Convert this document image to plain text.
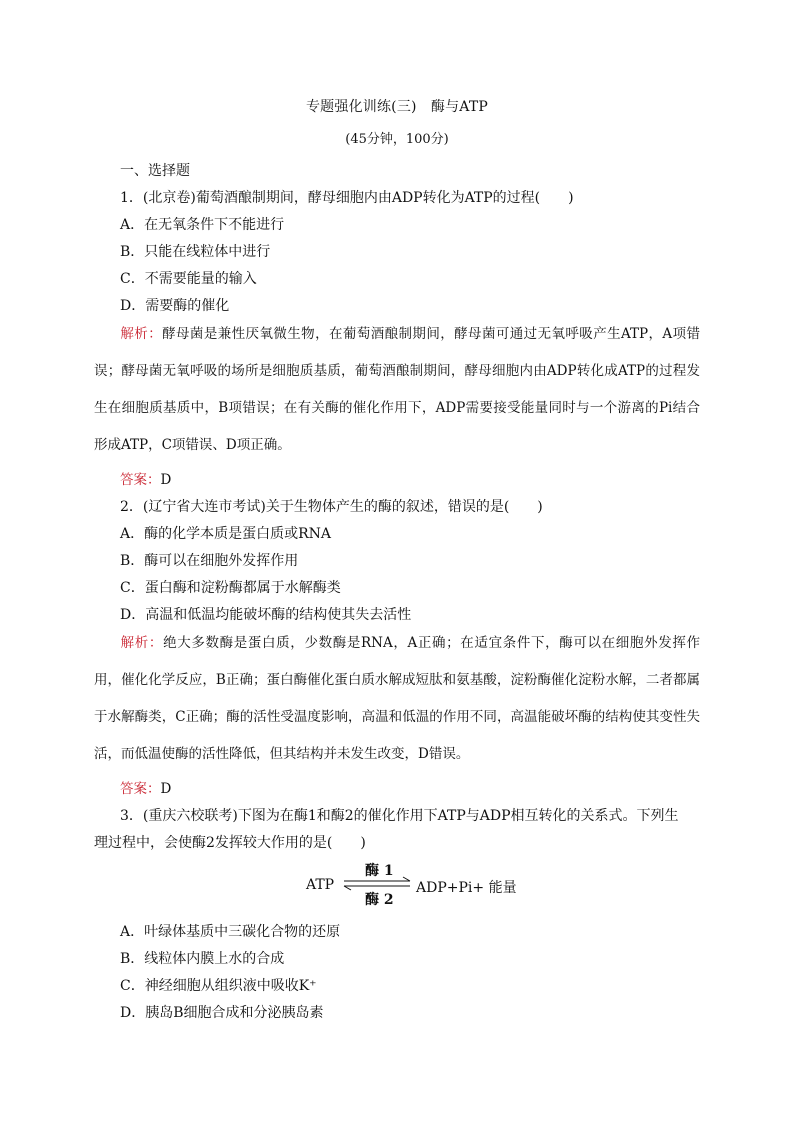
专题强化训练(三)　酶与ATP
(45分钟，100分)
一、选择题
1．(北京卷)葡萄酒酿制期间，酵母细胞内由ADP转化为ATP的过程(　　)
A．在无氧条件下不能进行
B．只能在线粒体中进行
C．不需要能量的输入
D．需要酶的催化
解析：酵母菌是兼性厌氧微生物，在葡萄酒酿制期间，酵母菌可通过无氧呼吸产生ATP，A项错误；酵母菌无氧呼吸的场所是细胞质基质，葡萄酒酿制期间，酵母细胞内由ADP转化成ATP的过程发生在细胞质基质中，B项错误；在有关酶的催化作用下，ADP需要接受能量同时与一个游离的Pi结合形成ATP，C项错误、D项正确。
答案：D
2．(辽宁省大连市考试)关于生物体产生的酶的叙述，错误的是(　　)
A．酶的化学本质是蛋白质或RNA
B．酶可以在细胞外发挥作用
C．蛋白酶和淀粉酶都属于水解酶类
D．高温和低温均能破坏酶的结构使其失去活性
解析：绝大多数酶是蛋白质，少数酶是RNA，A正确；在适宜条件下，酶可以在细胞外发挥作用，催化化学反应，B正确；蛋白酶催化蛋白质水解成短肽和氨基酸，淀粉酶催化淀粉水解，二者都属于水解酶类，C正确；酶的活性受温度影响，高温和低温的作用不同，高温能破坏酶的结构使其变性失活，而低温使酶的活性降低，但其结构并未发生改变，D错误。
答案：D
3．(重庆六校联考)下图为在酶1和酶2的催化作用下ATP与ADP相互转化的关系式。下列生
理过程中，会使酶2发挥较大作用的是(　　)
ATP
酶 1
酶 2
ADP+Pi+ 能量
A．叶绿体基质中三碳化合物的还原
B．线粒体内膜上水的合成
C．神经细胞从组织液中吸收K⁺
D．胰岛B细胞合成和分泌胰岛素
